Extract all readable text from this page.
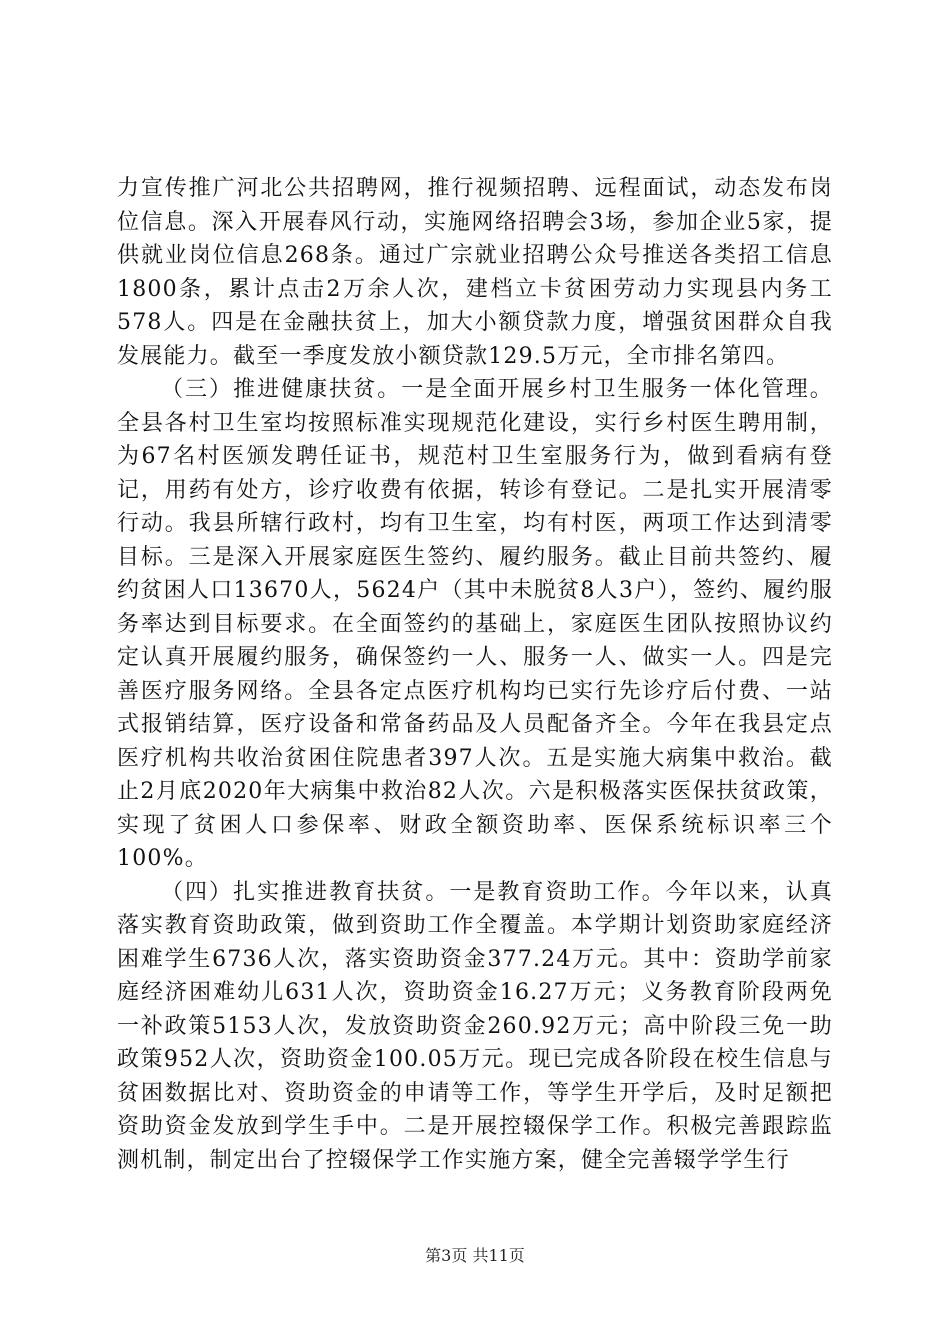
力宣传推广河北公共招聘网，推行视频招聘、远程面试，动态发布岗位信息。深入开展春风行动，实施网络招聘会3场，参加企业5家，提供就业岗位信息268条。通过广宗就业招聘公众号推送各类招工信息1800条，累计点击2万余人次，建档立卡贫困劳动力实现县内务工578人。四是在金融扶贫上，加大小额贷款力度，增强贫困群众自我发展能力。截至一季度发放小额贷款129.5万元，全市排名第四。

（三）推进健康扶贫。一是全面开展乡村卫生服务一体化管理。全县各村卫生室均按照标准实现规范化建设，实行乡村医生聘用制，为67名村医颁发聘任证书，规范村卫生室服务行为，做到看病有登记，用药有处方，诊疗收费有依据，转诊有登记。二是扎实开展清零行动。我县所辖行政村，均有卫生室，均有村医，两项工作达到清零目标。三是深入开展家庭医生签约、履约服务。截止目前共签约、履约贫困人口13670人，5624户（其中未脱贫8人3户），签约、履约服务率达到目标要求。在全面签约的基础上，家庭医生团队按照协议约定认真开展履约服务，确保签约一人、服务一人、做实一人。四是完善医疗服务网络。全县各定点医疗机构均已实行先诊疗后付费、一站式报销结算，医疗设备和常备药品及人员配备齐全。今年在我县定点医疗机构共收治贫困住院患者397人次。五是实施大病集中救治。截止2月底2020年大病集中救治82人次。六是积极落实医保扶贫政策，实现了贫困人口参保率、财政全额资助率、医保系统标识率三个100%。

（四）扎实推进教育扶贫。一是教育资助工作。今年以来，认真落实教育资助政策，做到资助工作全覆盖。本学期计划资助家庭经济困难学生6736人次，落实资助资金377.24万元。其中：资助学前家庭经济困难幼儿631人次，资助资金16.27万元；义务教育阶段两免一补政策5153人次，发放资助资金260.92万元；高中阶段三免一助政策952人次，资助资金100.05万元。现已完成各阶段在校生信息与贫困数据比对、资助资金的申请等工作，等学生开学后，及时足额把资助资金发放到学生手中。二是开展控辍保学工作。积极完善跟踪监测机制，制定出台了控辍保学工作实施方案，健全完善辍学学生行

第3页 共11页
